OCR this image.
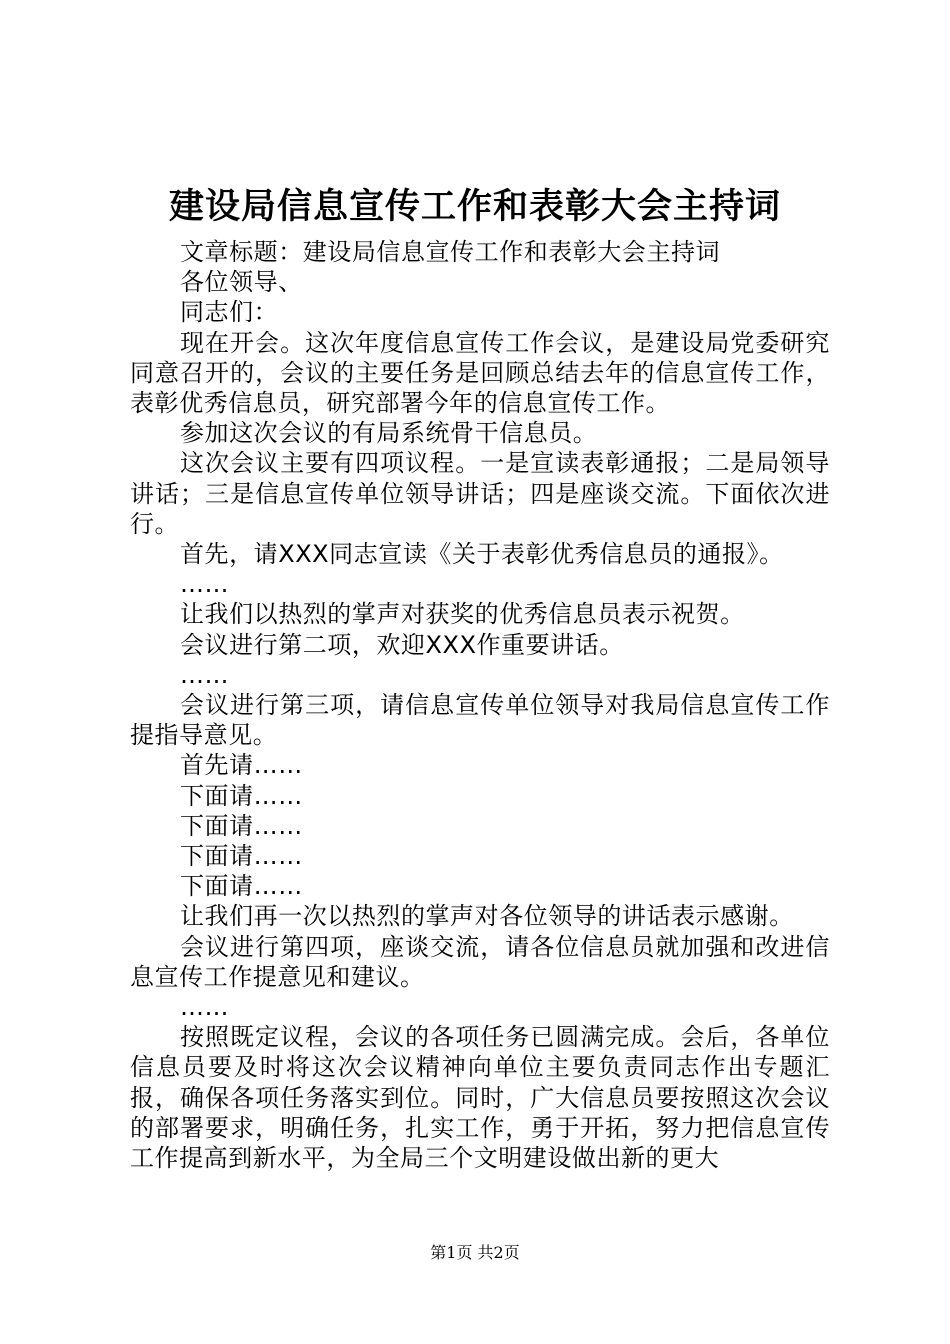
建设局信息宣传工作和表彰大会主持词

文章标题：建设局信息宣传工作和表彰大会主持词

各位领导、

同志们：

现在开会。这次年度信息宣传工作会议，是建设局党委研究同意召开的，会议的主要任务是回顾总结去年的信息宣传工作，表彰优秀信息员，研究部署今年的信息宣传工作。

参加这次会议的有局系统骨干信息员。

这次会议主要有四项议程。一是宣读表彰通报；二是局领导讲话；三是信息宣传单位领导讲话；四是座谈交流。下面依次进行。

首先，请XXX同志宣读《关于表彰优秀信息员的通报》。

……

让我们以热烈的掌声对获奖的优秀信息员表示祝贺。

会议进行第二项，欢迎XXX作重要讲话。

……

会议进行第三项，请信息宣传单位领导对我局信息宣传工作提指导意见。

首先请……

下面请……

下面请……

下面请……

下面请……

让我们再一次以热烈的掌声对各位领导的讲话表示感谢。

会议进行第四项，座谈交流，请各位信息员就加强和改进信息宣传工作提意见和建议。

……

按照既定议程，会议的各项任务已圆满完成。会后，各单位信息员要及时将这次会议精神向单位主要负责同志作出专题汇报，确保各项任务落实到位。同时，广大信息员要按照这次会议的部署要求，明确任务，扎实工作，勇于开拓，努力把信息宣传工作提高到新水平，为全局三个文明建设做出新的更大

第1页 共2页
